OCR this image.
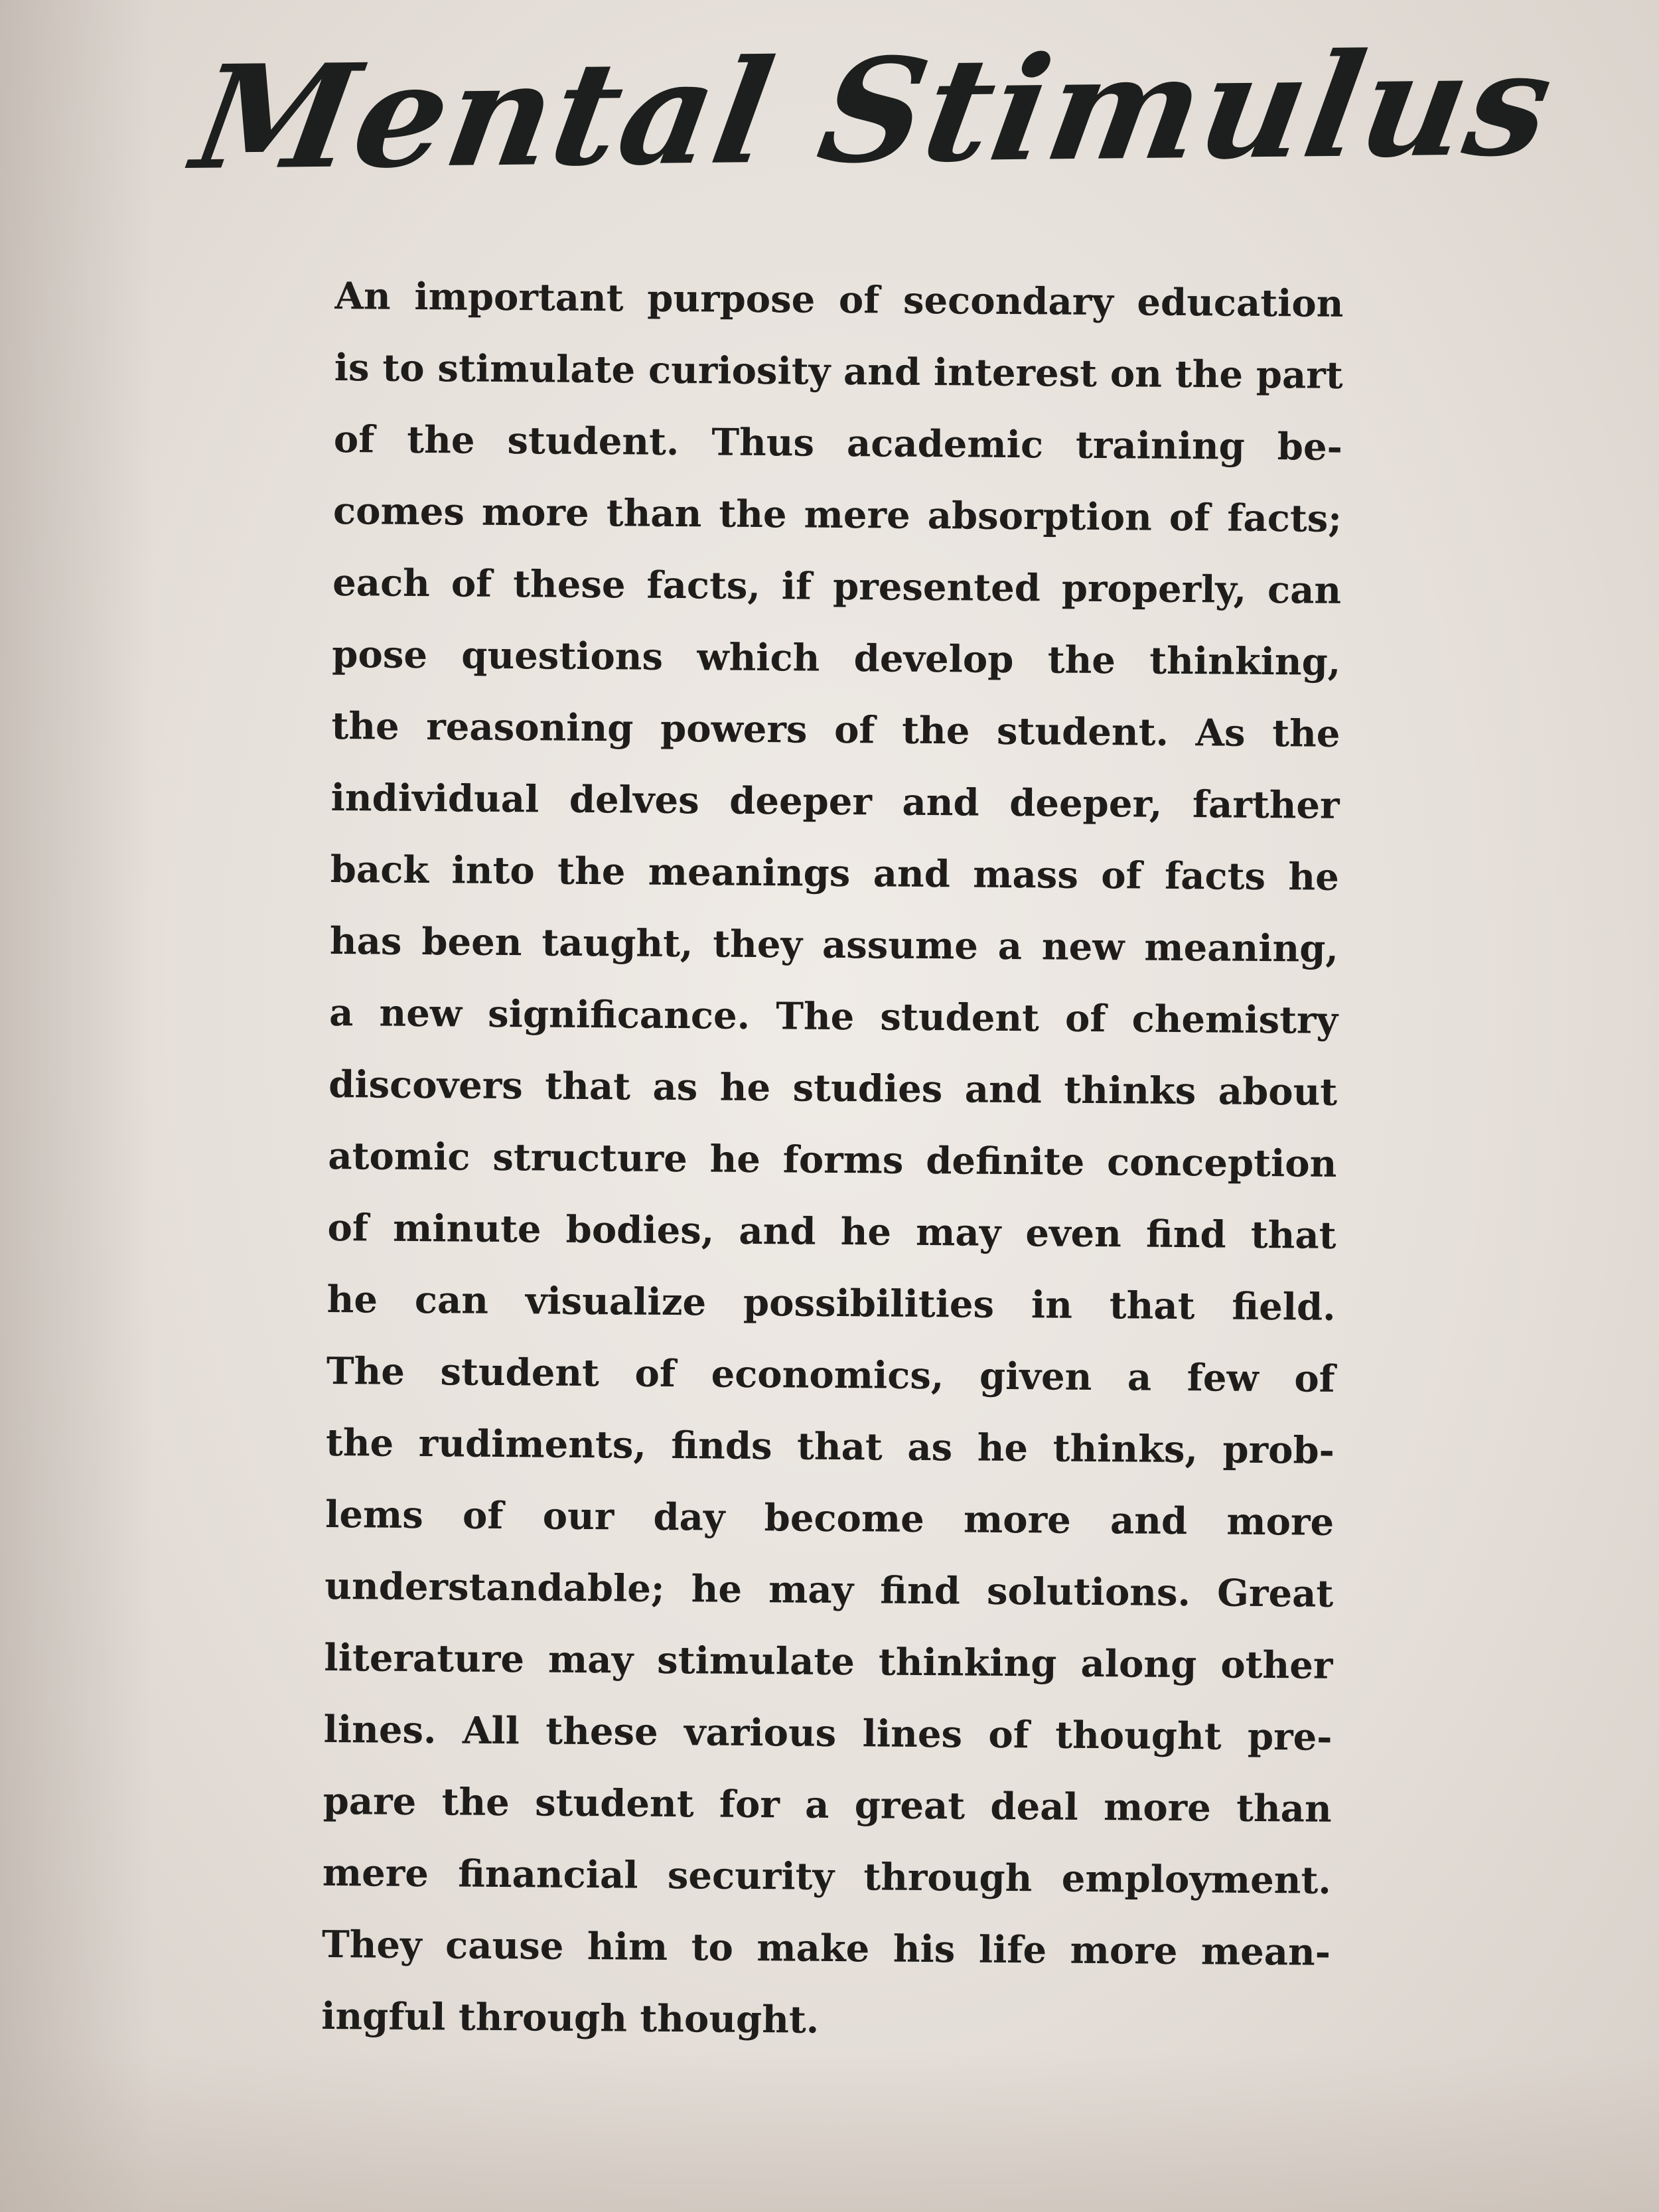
Mental Stimulus
An important purpose of secondary education
is to stimulate curiosity and interest on the part
of the student. Thus academic training be-
comes more than the mere absorption of facts;
each of these facts, if presented properly, can
pose questions which develop the thinking,
the reasoning powers of the student. As the
individual delves deeper and deeper, farther
back into the meanings and mass of facts he
has been taught, they assume a new meaning,
a new significance. The student of chemistry
discovers that as he studies and thinks about
atomic structure he forms definite conception
of minute bodies, and he may even find that
he can visualize possibilities in that field.
The student of economics, given a few of
the rudiments, finds that as he thinks, prob-
lems of our day become more and more
understandable; he may find solutions. Great
literature may stimulate thinking along other
lines. All these various lines of thought pre-
pare the student for a great deal more than
mere financial security through employment.
They cause him to make his life more mean-
ingful through thought.
